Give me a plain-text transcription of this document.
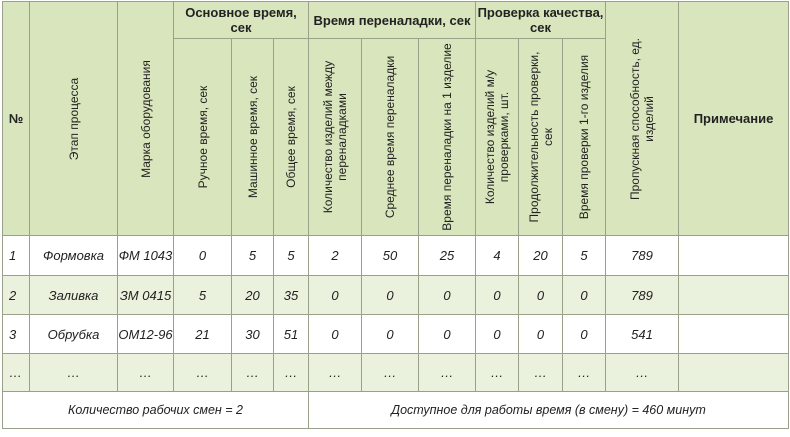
№	Этап процесса	Марка оборудования	Основное время, сек			Время переналадки, сек			Проверка качества, сек			Пропускная способность, ед. изделий	Примечание

			Ручное время, сек	Машинное время, сек	Общее время, сек	Количество изделий между переналадками	Среднее время переналадки	Время переналадки на 1 изделие	Количество изделий м/у проверками, шт.	Продолжительность проверки, сек	Время проверки 1-го изделия		

1	Формовка	ФМ 1043	0	5	5	2	50	25	4	20	5	789	
2	Заливка	ЗМ 0415	5	20	35	0	0	0	0	0	0	789	
3	Обрубка	ОМ12-96	21	30	51	0	0	0	0	0	0	541	
…	…	…	…	…	…	…	…	…	…	…	…	…	
Количество рабочих смен = 2						Доступное для работы время (в смену) = 460 минут							
